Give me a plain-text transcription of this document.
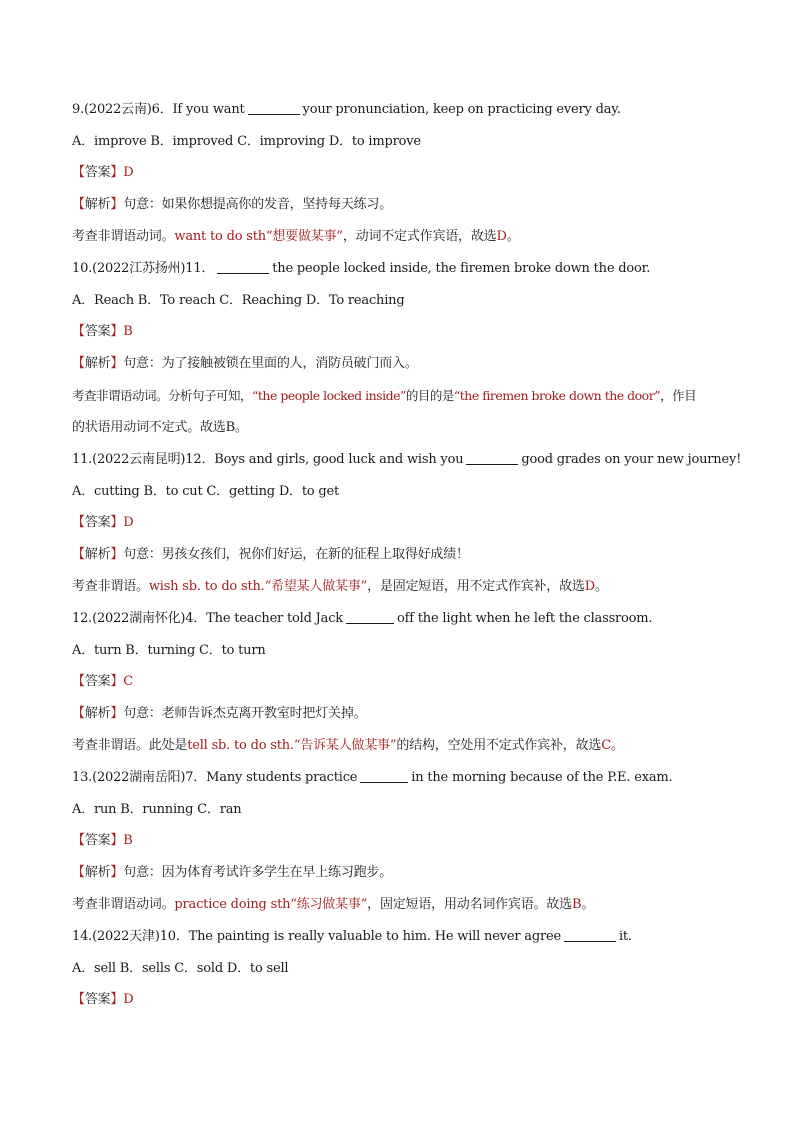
9.(2022云南)6．If you want	your pronunciation, keep on practicing every day.
A．improve B．improved C．improving D．to improve
【答案】D
【解析】句意：如果你想提高你的发音，坚持每天练习。
考查非谓语动词。want to do sth“想要做某事”，动词不定式作宾语，故选D。
10.(2022江苏扬州)11．	the people locked inside, the firemen broke down the door.
A．Reach B．To reach C．Reaching D．To reaching
【答案】B
【解析】句意：为了接触被锁在里面的人，消防员破门而入。
考查非谓语动词。分析句子可知，“the people locked inside”的目的是“the firemen broke down the door”，作目
的状语用动词不定式。故选B。
11.(2022云南昆明)12．Boys and girls, good luck and wish you	good grades on your new journey!
A．cutting B．to cut C．getting D．to get
【答案】D
【解析】句意：男孩女孩们，祝你们好运，在新的征程上取得好成绩！
考查非谓语。wish sb. to do sth.“希望某人做某事”，是固定短语，用不定式作宾补，故选D。
12.(2022湖南怀化)4．The teacher told Jack	off the light when he left the classroom.
A．turn B．turning C．to turn
【答案】C
【解析】句意：老师告诉杰克离开教室时把灯关掉。
考查非谓语。此处是tell sb. to do sth.“告诉某人做某事”的结构，空处用不定式作宾补，故选C。
13.(2022湖南岳阳)7．Many students practice	in the morning because of the P.E. exam.
A．run B．running C．ran
【答案】B
【解析】句意：因为体育考试许多学生在早上练习跑步。
考查非谓语动词。practice doing sth“练习做某事”，固定短语，用动名词作宾语。故选B。
14.(2022天津)10．The painting is really valuable to him. He will never agree	it.
A．sell B．sells C．sold D．to sell
【答案】D
